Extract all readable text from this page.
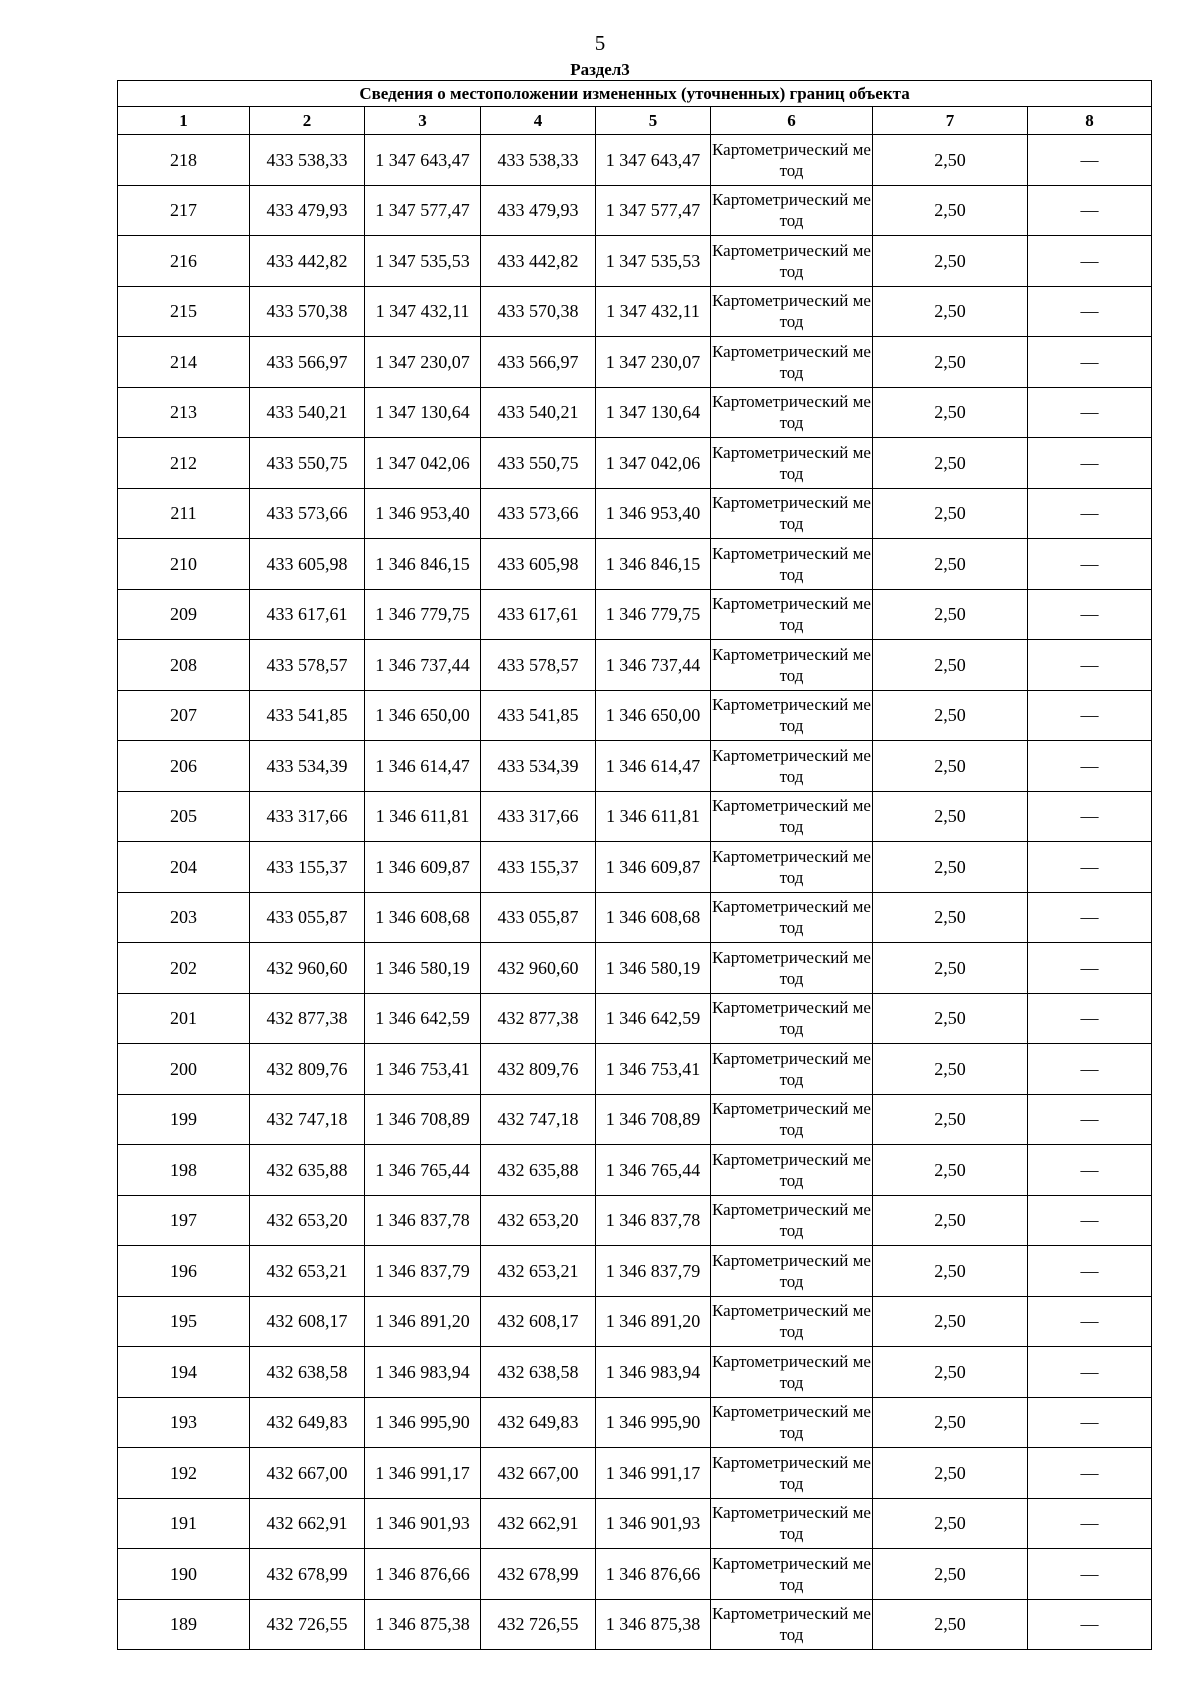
5
Раздел3
Сведения о местоположении измененных (уточненных) границ объекта							
1	2	3	4	5	6	7	8
218	433 538,33	1 347 643,47	433 538,33	1 347 643,47	Картометрический метод	2,50	—
217	433 479,93	1 347 577,47	433 479,93	1 347 577,47	Картометрический метод	2,50	—
216	433 442,82	1 347 535,53	433 442,82	1 347 535,53	Картометрический метод	2,50	—
215	433 570,38	1 347 432,11	433 570,38	1 347 432,11	Картометрический метод	2,50	—
214	433 566,97	1 347 230,07	433 566,97	1 347 230,07	Картометрический метод	2,50	—
213	433 540,21	1 347 130,64	433 540,21	1 347 130,64	Картометрический метод	2,50	—
212	433 550,75	1 347 042,06	433 550,75	1 347 042,06	Картометрический метод	2,50	—
211	433 573,66	1 346 953,40	433 573,66	1 346 953,40	Картометрический метод	2,50	—
210	433 605,98	1 346 846,15	433 605,98	1 346 846,15	Картометрический метод	2,50	—
209	433 617,61	1 346 779,75	433 617,61	1 346 779,75	Картометрический метод	2,50	—
208	433 578,57	1 346 737,44	433 578,57	1 346 737,44	Картометрический метод	2,50	—
207	433 541,85	1 346 650,00	433 541,85	1 346 650,00	Картометрический метод	2,50	—
206	433 534,39	1 346 614,47	433 534,39	1 346 614,47	Картометрический метод	2,50	—
205	433 317,66	1 346 611,81	433 317,66	1 346 611,81	Картометрический метод	2,50	—
204	433 155,37	1 346 609,87	433 155,37	1 346 609,87	Картометрический метод	2,50	—
203	433 055,87	1 346 608,68	433 055,87	1 346 608,68	Картометрический метод	2,50	—
202	432 960,60	1 346 580,19	432 960,60	1 346 580,19	Картометрический метод	2,50	—
201	432 877,38	1 346 642,59	432 877,38	1 346 642,59	Картометрический метод	2,50	—
200	432 809,76	1 346 753,41	432 809,76	1 346 753,41	Картометрический метод	2,50	—
199	432 747,18	1 346 708,89	432 747,18	1 346 708,89	Картометрический метод	2,50	—
198	432 635,88	1 346 765,44	432 635,88	1 346 765,44	Картометрический метод	2,50	—
197	432 653,20	1 346 837,78	432 653,20	1 346 837,78	Картометрический метод	2,50	—
196	432 653,21	1 346 837,79	432 653,21	1 346 837,79	Картометрический метод	2,50	—
195	432 608,17	1 346 891,20	432 608,17	1 346 891,20	Картометрический метод	2,50	—
194	432 638,58	1 346 983,94	432 638,58	1 346 983,94	Картометрический метод	2,50	—
193	432 649,83	1 346 995,90	432 649,83	1 346 995,90	Картометрический метод	2,50	—
192	432 667,00	1 346 991,17	432 667,00	1 346 991,17	Картометрический метод	2,50	—
191	432 662,91	1 346 901,93	432 662,91	1 346 901,93	Картометрический метод	2,50	—
190	432 678,99	1 346 876,66	432 678,99	1 346 876,66	Картометрический метод	2,50	—
189	432 726,55	1 346 875,38	432 726,55	1 346 875,38	Картометрический метод	2,50	—
